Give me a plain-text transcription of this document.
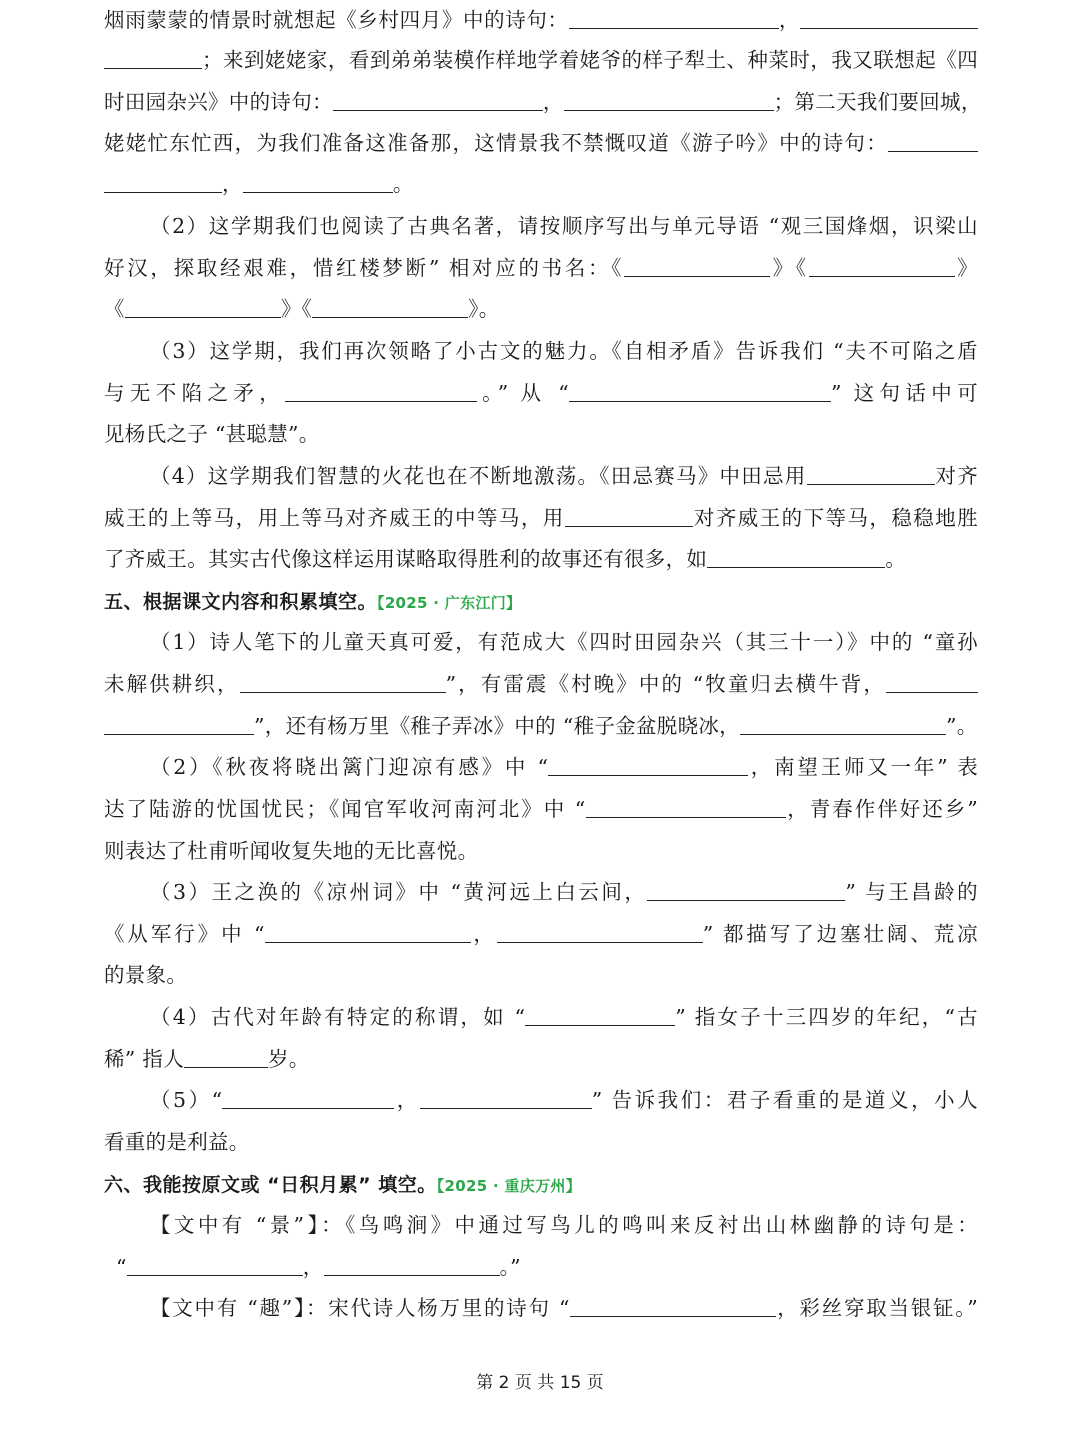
烟雨蒙蒙的情景时就想起《乡村四月》中的诗句：	，
；来到姥姥家，看到弟弟装模作样地学着姥爷的样子犁土、种菜时，我又联想起《四
时田园杂兴》中的诗句：	，	；第二天我们要回城，
姥姥忙东忙西，为我们准备这准备那，这情景我不禁慨叹道《游子吟》中的诗句：
，	。
（2）这学期我们也阅读了古典名著，请按顺序写出与单元导语 “观三国烽烟，识梁山
好汉，探取经艰难，惜红楼梦断” 相对应的书名：《	》《	》
《	》《	》。
（3）这学期，我们再次领略了小古文的魅力。《自相矛盾》告诉我们 “夫不可陷之盾
与无不陷之矛，	。” 从 “	” 这句话中可
见杨氏之子 “甚聪慧”。
（4）这学期我们智慧的火花也在不断地激荡。《田忌赛马》中田忌用	对齐
威王的上等马，用上等马对齐威王的中等马，用	对齐威王的下等马，稳稳地胜
了齐威王。其实古代像这样运用谋略取得胜利的故事还有很多，如	。
五、根据课文内容和积累填空。【2025 · 广东江门】
（1）诗人笔下的儿童天真可爱，有范成大《四时田园杂兴（其三十一）》中的 “童孙
未解供耕织，	”，有雷震《村晚》中的 “牧童归去横牛背，
”，还有杨万里《稚子弄冰》中的 “稚子金盆脱晓冰，	”。
（2）《秋夜将晓出篱门迎凉有感》中 “	，南望王师又一年” 表
达了陆游的忧国忧民；《闻官军收河南河北》中 “	，青春作伴好还乡”
则表达了杜甫听闻收复失地的无比喜悦。
（3）王之涣的《凉州词》中 “黄河远上白云间，	” 与王昌龄的
《从军行》中 “	，	” 都描写了边塞壮阔、荒凉
的景象。
（4）古代对年龄有特定的称谓，如 “	” 指女子十三四岁的年纪，“古
稀” 指人	岁。
（5）“	，	” 告诉我们：君子看重的是道义，小人
看重的是利益。
六、我能按原文或 “日积月累” 填空。【2025 · 重庆万州】
【文中有 “景”】：《鸟鸣涧》中通过写鸟儿的鸣叫来反衬出山林幽静的诗句是：
“	，	。”
【文中有 “趣”】：宋代诗人杨万里的诗句 “	，彩丝穿取当银钲。”
第 2 页 共 15 页
